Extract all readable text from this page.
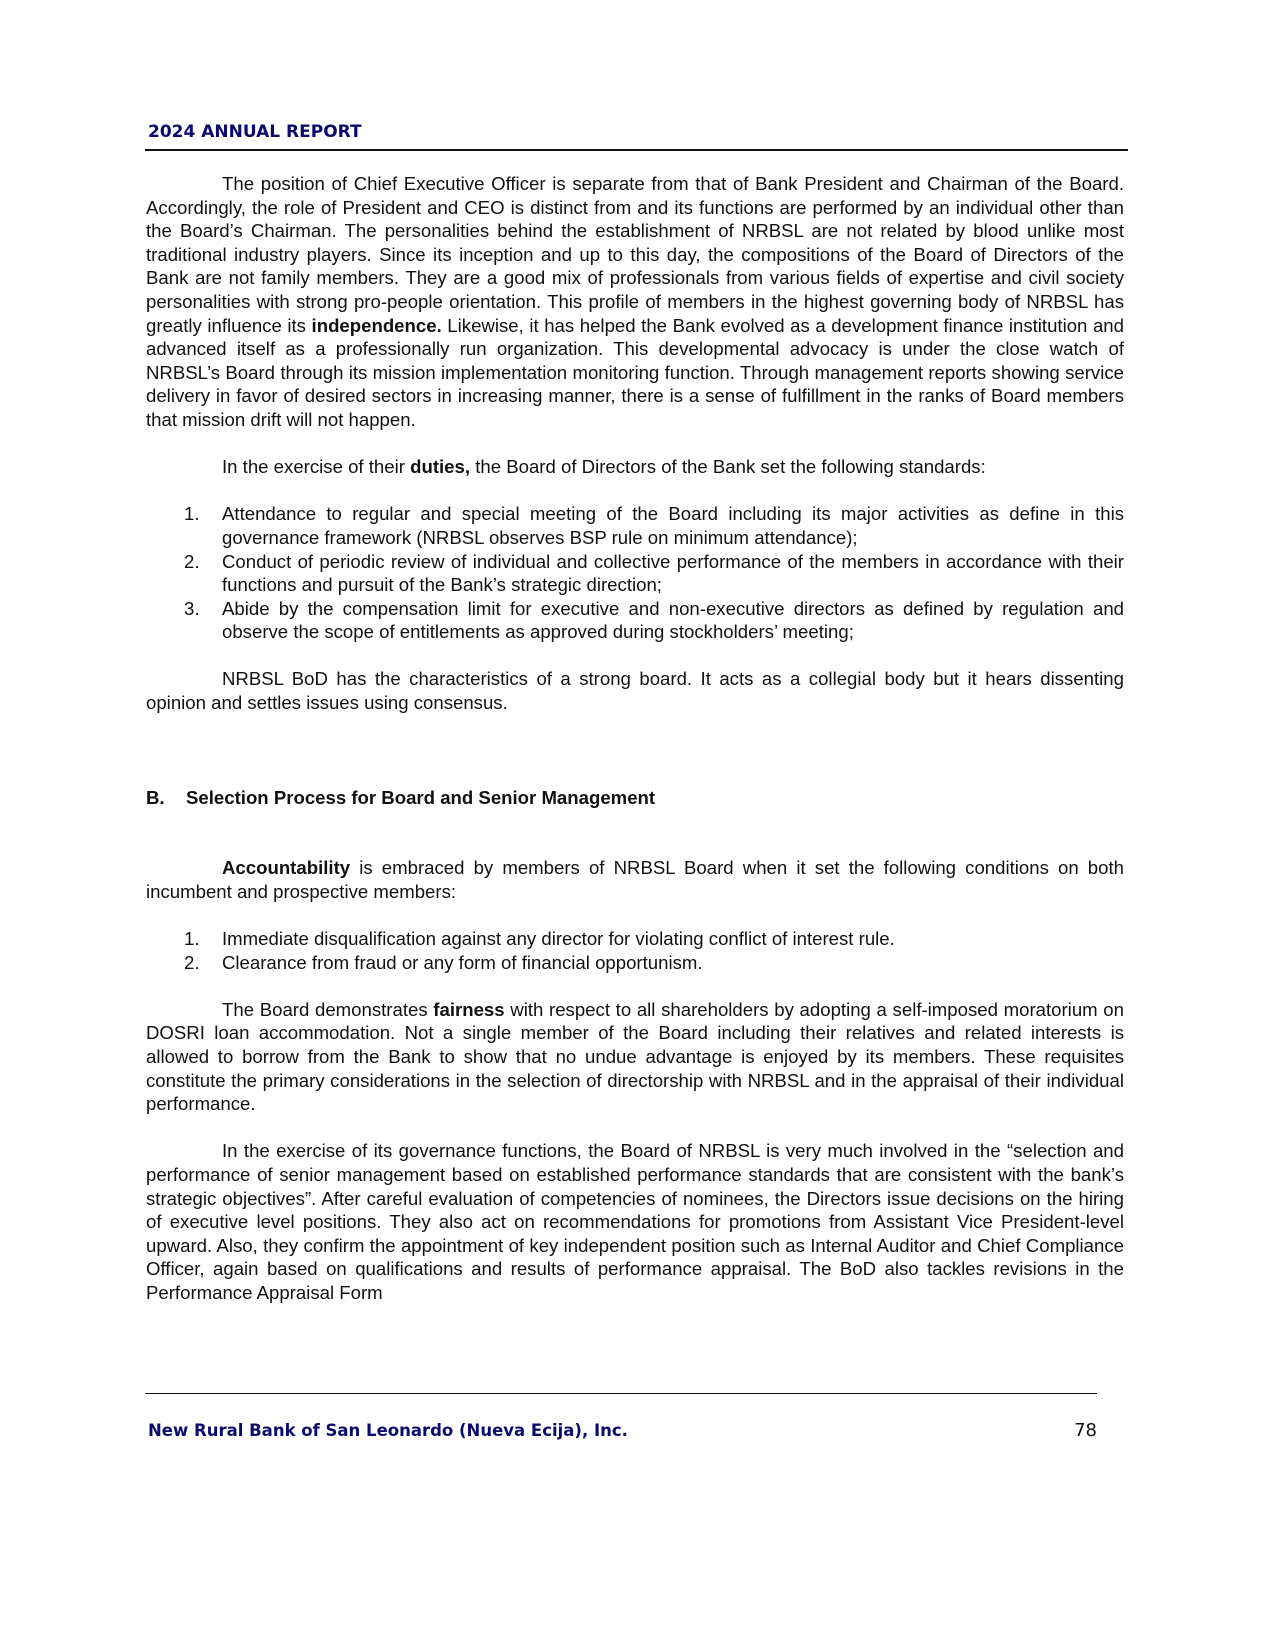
2024 ANNUAL REPORT

The position of Chief Executive Officer is separate from that of Bank President and Chairman of the Board. Accordingly, the role of President and CEO is distinct from and its functions are performed by an individual other than the Board’s Chairman. The personalities behind the establishment of NRBSL are not related by blood unlike most traditional industry players. Since its inception and up to this day, the compositions of the Board of Directors of the Bank are not family members. They are a good mix of professionals from various fields of expertise and civil society personalities with strong pro-people orientation. This profile of members in the highest governing body of NRBSL has greatly influence its independence. Likewise, it has helped the Bank evolved as a development finance institution and advanced itself as a professionally run organization. This developmental advocacy is under the close watch of NRBSL’s Board through its mission implementation monitoring function. Through management reports showing service delivery in favor of desired sectors in increasing manner, there is a sense of fulfillment in the ranks of Board members that mission drift will not happen.

In the exercise of their duties, the Board of Directors of the Bank set the following standards:

1. Attendance to regular and special meeting of the Board including its major activities as define in this governance framework (NRBSL observes BSP rule on minimum attendance);
2. Conduct of periodic review of individual and collective performance of the members in accordance with their functions and pursuit of the Bank’s strategic direction;
3. Abide by the compensation limit for executive and non-executive directors as defined by regulation and observe the scope of entitlements as approved during stockholders’ meeting;

NRBSL BoD has the characteristics of a strong board. It acts as a collegial body but it hears dissenting opinion and settles issues using consensus.

B. Selection Process for Board and Senior Management

Accountability is embraced by members of NRBSL Board when it set the following conditions on both incumbent and prospective members:

1. Immediate disqualification against any director for violating conflict of interest rule.
2. Clearance from fraud or any form of financial opportunism.

The Board demonstrates fairness with respect to all shareholders by adopting a self-imposed moratorium on DOSRI loan accommodation. Not a single member of the Board including their relatives and related interests is allowed to borrow from the Bank to show that no undue advantage is enjoyed by its members. These requisites constitute the primary considerations in the selection of directorship with NRBSL and in the appraisal of their individual performance.

In the exercise of its governance functions, the Board of NRBSL is very much involved in the “selection and performance of senior management based on established performance standards that are consistent with the bank’s strategic objectives”. After careful evaluation of competencies of nominees, the Directors issue decisions on the hiring of executive level positions. They also act on recommendations for promotions from Assistant Vice President-level upward. Also, they confirm the appointment of key independent position such as Internal Auditor and Chief Compliance Officer, again based on qualifications and results of performance appraisal. The BoD also tackles revisions in the Performance Appraisal Form

New Rural Bank of San Leonardo (Nueva Ecija), Inc.	78
